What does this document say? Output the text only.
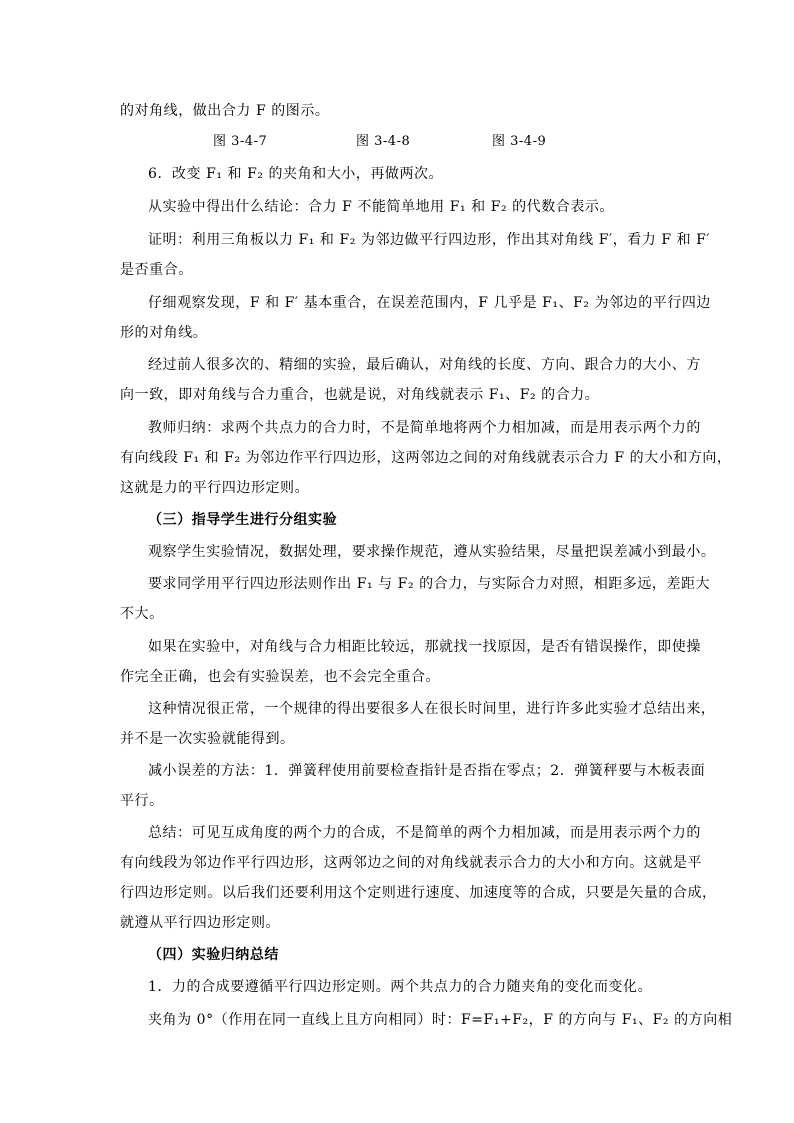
的对角线，做出合力 F 的图示。
图 3-4-7	图 3-4-8	图 3-4-9
6．改变 F₁ 和 F₂ 的夹角和大小，再做两次。
从实验中得出什么结论：合力 F 不能简单地用 F₁ 和 F₂ 的代数合表示。
证明：利用三角板以力 F₁ 和 F₂ 为邻边做平行四边形，作出其对角线 F′，看力 F 和 F′
是否重合。
仔细观察发现，F 和 F′ 基本重合，在误差范围内，F 几乎是 F₁、F₂ 为邻边的平行四边
形的对角线。
经过前人很多次的、精细的实验，最后确认，对角线的长度、方向、跟合力的大小、方
向一致，即对角线与合力重合，也就是说，对角线就表示 F₁、F₂ 的合力。
教师归纳：求两个共点力的合力时，不是简单地将两个力相加减，而是用表示两个力的
有向线段 F₁ 和 F₂ 为邻边作平行四边形，这两邻边之间的对角线就表示合力 F 的大小和方向，
这就是力的平行四边形定则。
（三）指导学生进行分组实验
观察学生实验情况，数据处理，要求操作规范，遵从实验结果，尽量把误差减小到最小。
要求同学用平行四边形法则作出 F₁ 与 F₂ 的合力，与实际合力对照，相距多远，差距大
不大。
如果在实验中，对角线与合力相距比较远，那就找一找原因，是否有错误操作，即使操
作完全正确，也会有实验误差，也不会完全重合。
这种情况很正常，一个规律的得出要很多人在很长时间里，进行许多此实验才总结出来，
并不是一次实验就能得到。
减小误差的方法：1．弹簧秤使用前要检查指针是否指在零点；2．弹簧秤要与木板表面
平行。
总结：可见互成角度的两个力的合成，不是简单的两个力相加减，而是用表示两个力的
有向线段为邻边作平行四边形，这两邻边之间的对角线就表示合力的大小和方向。这就是平
行四边形定则。以后我们还要利用这个定则进行速度、加速度等的合成，只要是矢量的合成，
就遵从平行四边形定则。
（四）实验归纳总结
1．力的合成要遵循平行四边形定则。两个共点力的合力随夹角的变化而变化。
夹角为 0°（作用在同一直线上且方向相同）时：F=F₁+F₂，F 的方向与 F₁、F₂ 的方向相
